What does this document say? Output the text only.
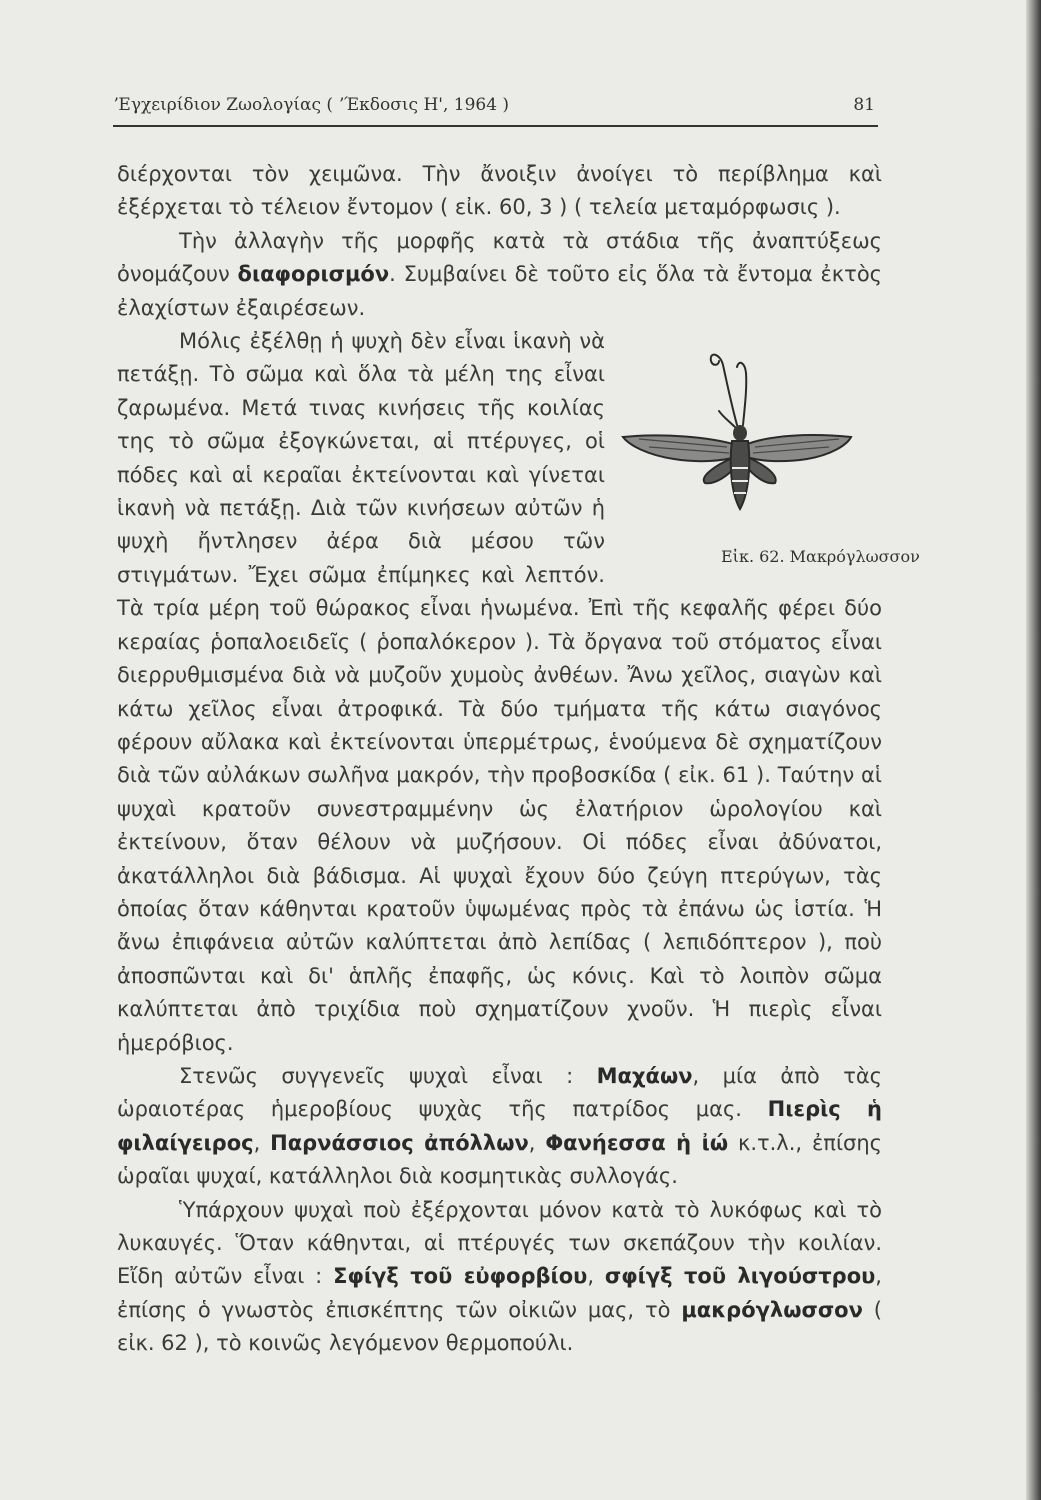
ʼΕγχειρίδιον Ζωολογίας ( ʼΈκδοσις Η', 1964 )	81

διέρχονται τὸν χειμῶνα. Τὴν ἄνοιξιν ἀνοίγει τὸ περίβλημα καὶ ἐξέρχεται τὸ τέλειον ἔντομον ( εἰκ. 60, 3 ) ( τελεία μεταμόρφωσις ).

Τὴν ἀλλαγὴν τῆς μορφῆς κατὰ τὰ στάδια τῆς ἀναπτύξεως ὀνομάζουν διαφορισμόν. Συμβαίνει δὲ τοῦτο εἰς ὅλα τὰ ἔντομα ἐκτὸς ἐλαχίστων ἐξαιρέσεων.

Εἰκ. 62. Μακρόγλωσσον
Μόλις ἐξέλθῃ ἡ ψυχὴ δὲν εἶναι ἱκανὴ νὰ πετάξῃ. Τὸ σῶμα καὶ ὅλα τὰ μέλη της εἶναι ζαρωμένα. Μετά τινας κινήσεις τῆς κοιλίας της τὸ σῶμα ἐξογκώνεται, αἱ πτέρυγες, οἱ πόδες καὶ αἱ κεραῖαι ἐκτείνονται καὶ γίνεται ἱκανὴ νὰ πετάξῃ. Διὰ τῶν κινήσεων αὐτῶν ἡ ψυχὴ ἤντλησεν ἀέρα διὰ μέσου τῶν στιγμάτων. Ἔχει σῶμα ἐπίμηκες καὶ λεπτόν. Τὰ τρία μέρη τοῦ θώρακος εἶναι ἡνωμένα. Ἐπὶ τῆς κεφαλῆς φέρει δύο κεραίας ῥοπαλοειδεῖς ( ῥοπαλόκερον ). Τὰ ὄργανα τοῦ στόματος εἶναι διερρυθμισμένα διὰ νὰ μυζοῦν χυμοὺς ἀνθέων. Ἄνω χεῖλος, σιαγὼν καὶ κάτω χεῖλος εἶναι ἀτροφικά. Τὰ δύο τμήματα τῆς κάτω σιαγόνος φέρουν αὔλακα καὶ ἐκτείνονται ὑπερμέτρως, ἑνούμενα δὲ σχηματίζουν διὰ τῶν αὐλάκων σωλῆνα μακρόν, τὴν προβοσκίδα ( εἰκ. 61 ). Ταύτην αἱ ψυχαὶ κρατοῦν συνεστραμμένην ὡς ἐλατήριον ὡρολογίου καὶ ἐκτείνουν, ὅταν θέλουν νὰ μυζήσουν. Οἱ πόδες εἶναι ἀδύνατοι, ἀκατάλληλοι διὰ βάδισμα. Αἱ ψυχαὶ ἔχουν δύο ζεύγη πτερύγων, τὰς ὁποίας ὅταν κάθηνται κρατοῦν ὑψωμένας πρὸς τὰ ἐπάνω ὡς ἱστία. Ἡ ἄνω ἐπιφάνεια αὐτῶν καλύπτεται ἀπὸ λεπίδας ( λεπιδόπτερον ), ποὺ ἀποσπῶνται καὶ δι' ἁπλῆς ἐπαφῆς, ὡς κόνις. Καὶ τὸ λοιπὸν σῶμα καλύπτεται ἀπὸ τριχίδια ποὺ σχηματίζουν χνοῦν. Ἡ πιερὶς εἶναι ἡμερόβιος.

Στενῶς συγγενεῖς ψυχαὶ εἶναι : Μαχάων, μία ἀπὸ τὰς ὡραιοτέρας ἡμεροβίους ψυχὰς τῆς πατρίδος μας. Πιερὶς ἡ φιλαίγειρος, Παρνάσσιος ἀπόλλων, Φανήεσσα ἡ ἰώ κ.τ.λ., ἐπίσης ὡραῖαι ψυχαί, κατάλληλοι διὰ κοσμητικὰς συλλογάς.

Ὑπάρχουν ψυχαὶ ποὺ ἐξέρχονται μόνον κατὰ τὸ λυκόφως καὶ τὸ λυκαυγές. Ὅταν κάθηνται, αἱ πτέρυγές των σκεπάζουν τὴν κοιλίαν. Εἴδη αὐτῶν εἶναι : Σφίγξ τοῦ εὐφορβίου, σφίγξ τοῦ λιγούστρου, ἐπίσης ὁ γνωστὸς ἐπισκέπτης τῶν οἰκιῶν μας, τὸ μακρόγλωσσον ( εἰκ. 62 ), τὸ κοινῶς λεγόμενον θερμοπούλι.
